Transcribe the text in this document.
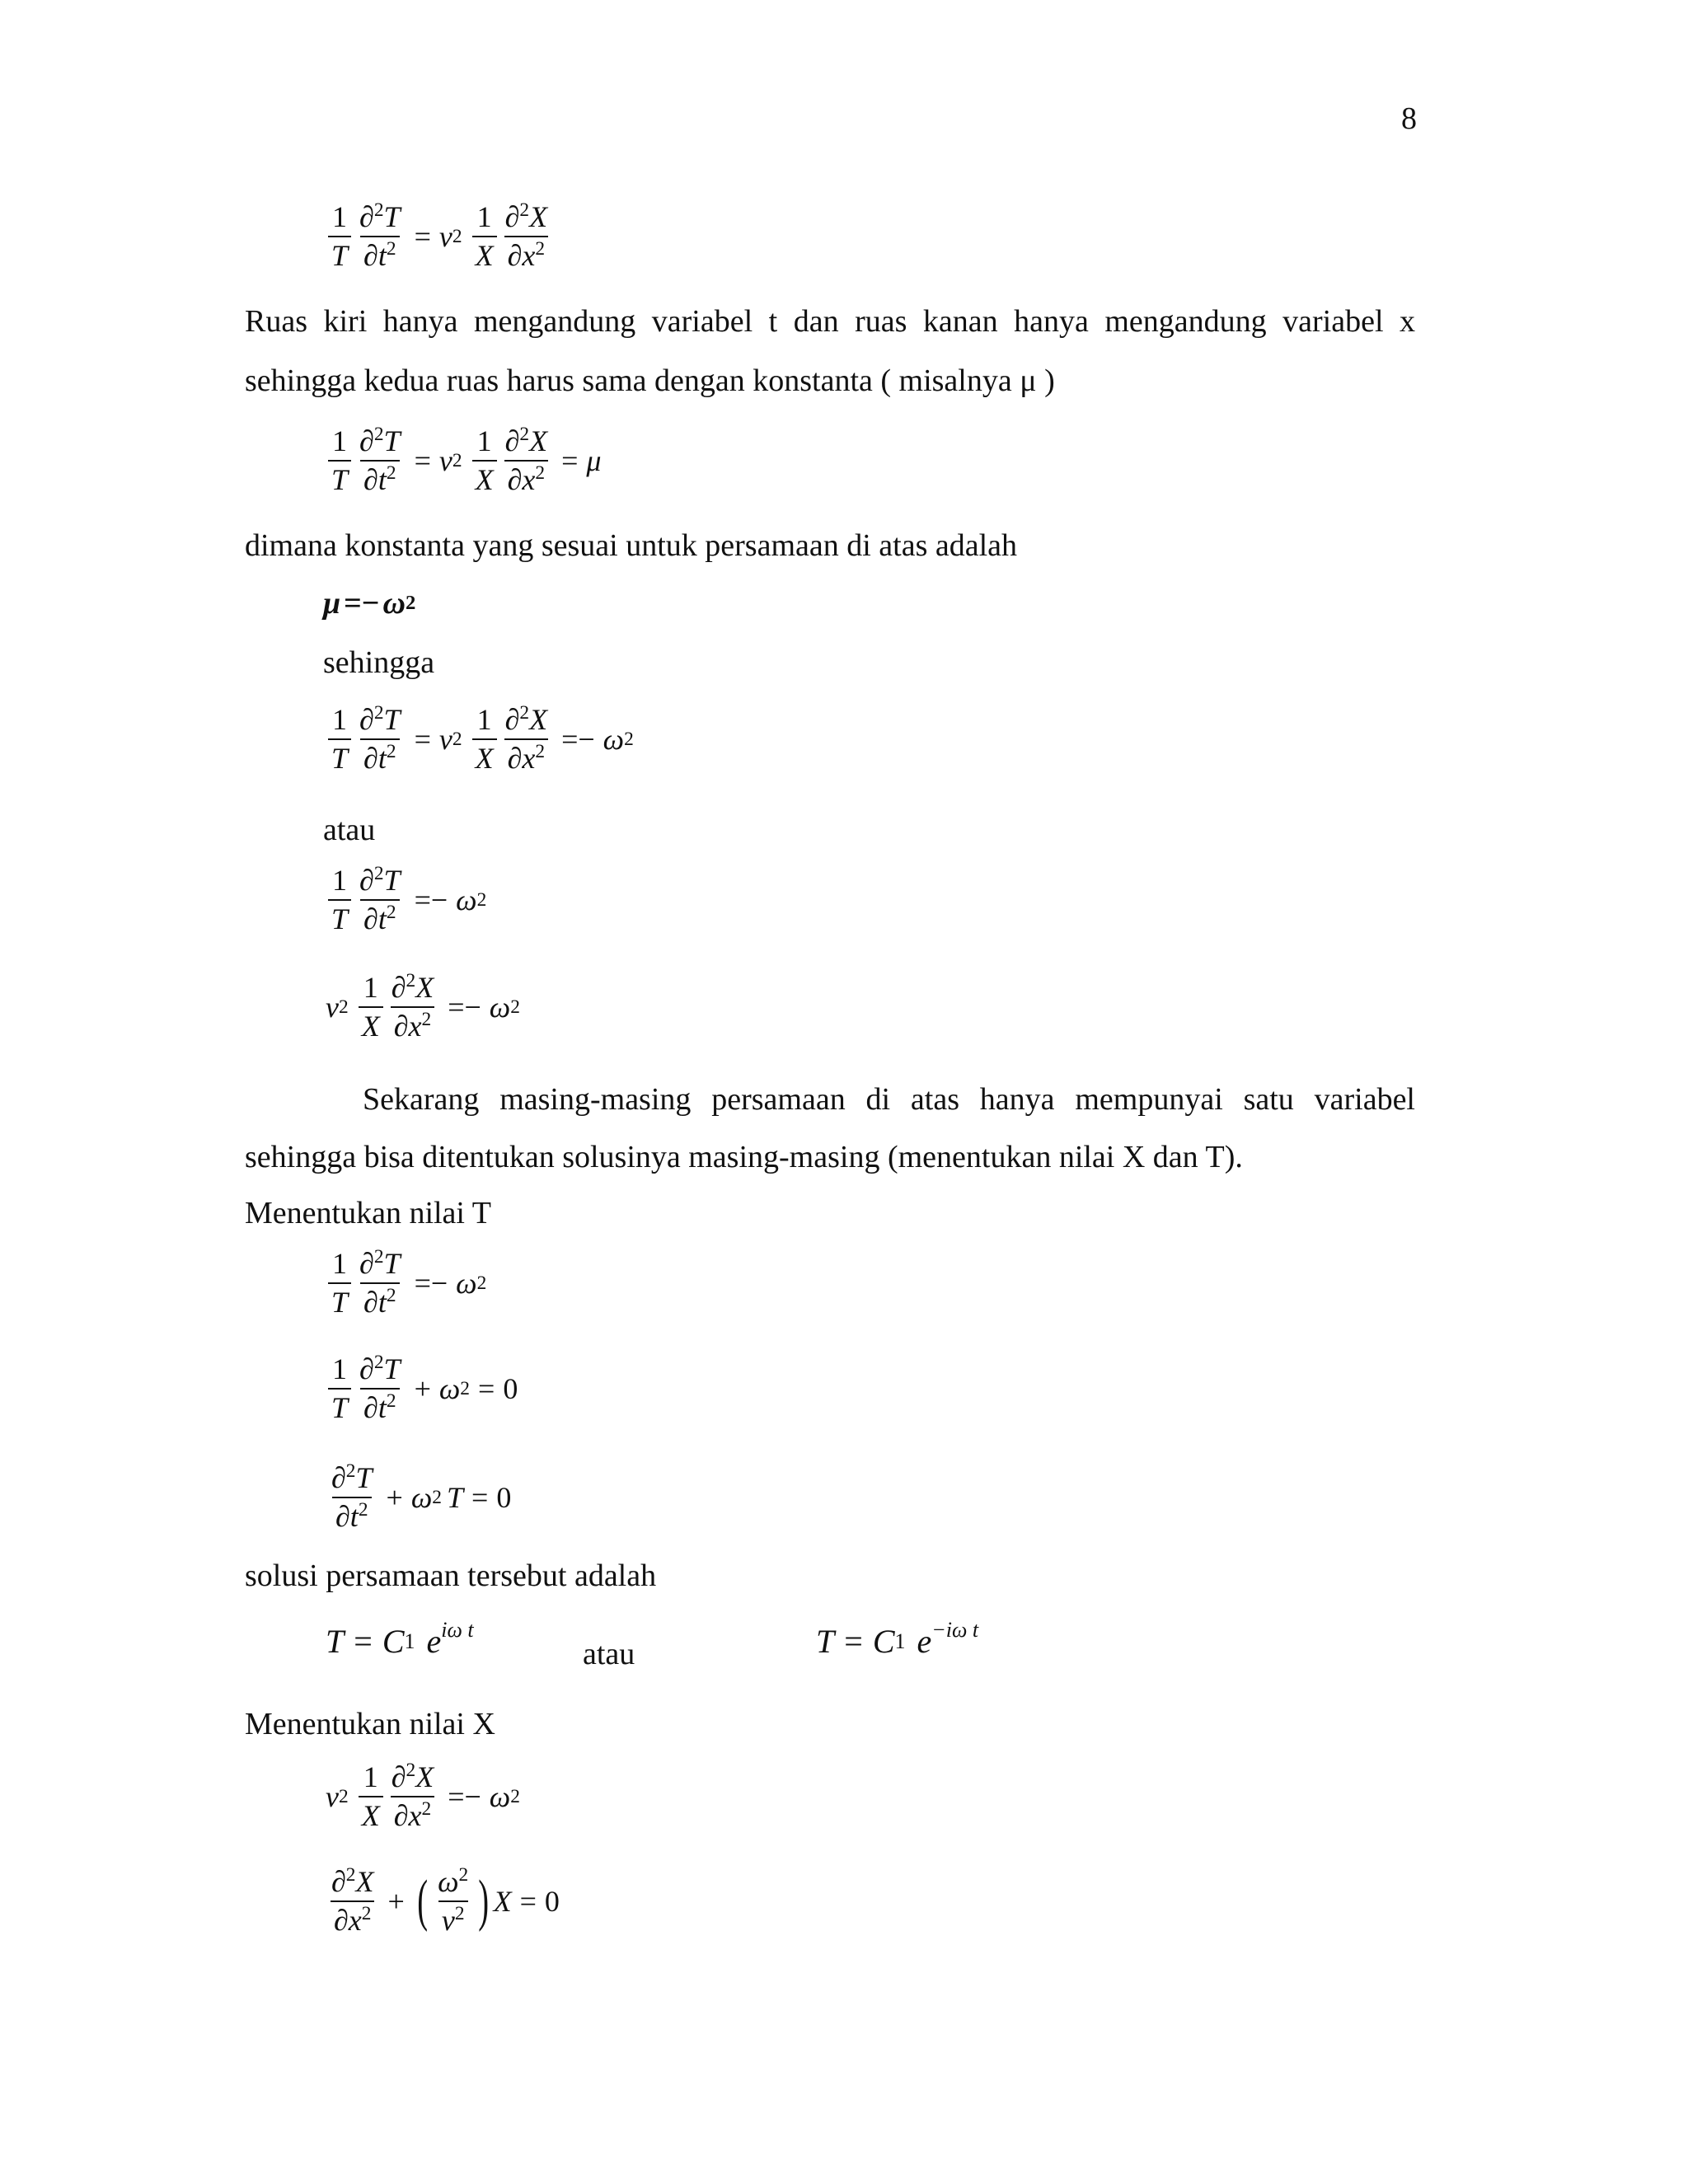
8
$\frac{1}{T} \frac{\partial^2T}{\partial t^2} = v$ $2 \frac{1}{X} \frac{\partial^2X}{\partial x^2}$
Ruas kiri hanya mengandung variabel t dan ruas kanan hanya mengandung variabel x
sehingga kedua ruas harus sama dengan konstanta ( misalnya μ )
$\frac{1}{T} \frac{\partial^2T}{\partial t^2} = v$ $2 \frac{1}{X} \frac{\partial^2X}{\partial x^2} = \mu$
dimana konstanta yang sesuai untuk persamaan di atas adalah
μ =− ω 2
sehingga
$\frac{1}{T} \frac{\partial^2T}{\partial t^2} = v$ $2 \frac{1}{X} \frac{\partial^2X}{\partial x^2} =- \omega$ 2
atau
$\frac{1}{T} \frac{\partial^2T}{\partial t^2} =- \omega$ 2
v $2 \frac{1}{X} \frac{\partial^2X}{\partial x^2} =- \omega$ 2
Sekarang masing-masing persamaan di atas hanya mempunyai satu variabel
sehingga bisa ditentukan solusinya masing-masing (menentukan nilai X dan T).
Menentukan nilai T
$\frac{1}{T} \frac{\partial^2T}{\partial t^2} =- \omega$ 2
$\frac{1}{T} \frac{\partial^2T}{\partial t^2} + \omega$ 2 = 0
$\frac{\partial^2T}{\partial t^2} + \omega$ 2 T = 0
solusi persamaan tersebut adalah
T = C 1 $e^{i\omega t}$
atau	T = C 1 $e^{-i\omega t}$
Menentukan nilai X
v $2 \frac{1}{X} \frac{\partial^2X}{\partial x^2} =- \omega$ 2
$\frac{\partial^2X}{\partial x^2}$ + ( $\frac{\omega^2}{v^2}$ ) X = 0
